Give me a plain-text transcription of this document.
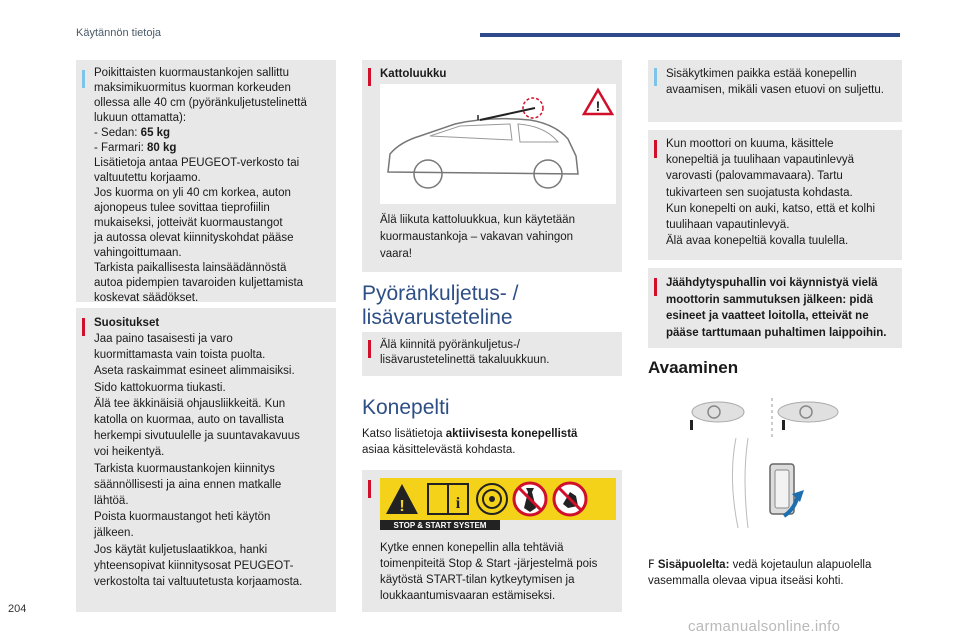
Käytännön tietoja
Poikittaisten kuormaustankojen sallittu
maksimikuormitus kuorman korkeuden
ollessa alle 40 cm (pyöränkuljetustelinettä
lukuun ottamatta):
- Sedan: 65 kg
- Farmari: 80 kg
Lisätietoja antaa PEUGEOT-verkosto tai
valtuutettu korjaamo.
Jos kuorma on yli 40 cm korkea, auton
ajonopeus tulee sovittaa tieprofiilin
mukaiseksi, jotteivät kuormaustangot
ja autossa olevat kiinnityskohdat pääse
vahingoittumaan.
Tarkista paikallisesta lainsäädännöstä
autoa pidempien tavaroiden kuljettamista
koskevat säädökset.
Suositukset
Jaa paino tasaisesti ja varo
kuormittamasta vain toista puolta.
Aseta raskaimmat esineet alimmaisiksi.
Sido kattokuorma tiukasti.
Älä tee äkkinäisiä ohjausliikkeitä. Kun
katolla on kuormaa, auto on tavallista
herkempi sivutuulelle ja suuntavakavuus
voi heikentyä.
Tarkista kuormaustankojen kiinnitys
säännöllisesti ja aina ennen matkalle
lähtöä.
Poista kuormaustangot heti käytön
jälkeen.
Jos käytät kuljetuslaatikkoa, hanki
yhteensopivat kiinnitysosat PEUGEOT-
verkostolta tai valtuutetusta korjaamosta.
Kattoluukku
!
Älä liikuta kattoluukkua, kun käytetään
kuormaustankoja – vakavan vahingon
vaara!
Pyöränkuljetus- /
lisävarusteteline
Älä kiinnitä pyöränkuljetus-/
lisävarustetelinettä takaluukkuun.
Konepelti
Katso lisätietoja aktiivisesta konepellistä
asiaa käsittelevästä kohdasta.
!	i
STOP & START SYSTEM
Kytke ennen konepellin alla tehtäviä
toimenpiteitä Stop & Start -järjestelmä pois
käytöstä START-tilan kytkeytymisen ja
loukkaantumisvaaran estämiseksi.
Sisäkytkimen paikka estää konepellin
avaamisen, mikäli vasen etuovi on suljettu.
Kun moottori on kuuma, käsittele
konepeltiä ja tuulihaan vapautinlevyä
varovasti (palovammavaara). Tartu
tukivarteen sen suojatusta kohdasta.
Kun konepelti on auki, katso, että et kolhi
tuulihaan vapautinlevyä.
Älä avaa konepeltiä kovalla tuulella.
Jäähdytyspuhallin voi käynnistyä vielä
moottorin sammutuksen jälkeen: pidä
esineet ja vaatteet loitolla, etteivät ne
pääse tarttumaan puhaltimen laippoihin.
Avaaminen
F Sisäpuolelta: vedä kojetaulun alapuolella
vasemmalla olevaa vipua itseäsi kohti.
204
carmanualsonline.info
